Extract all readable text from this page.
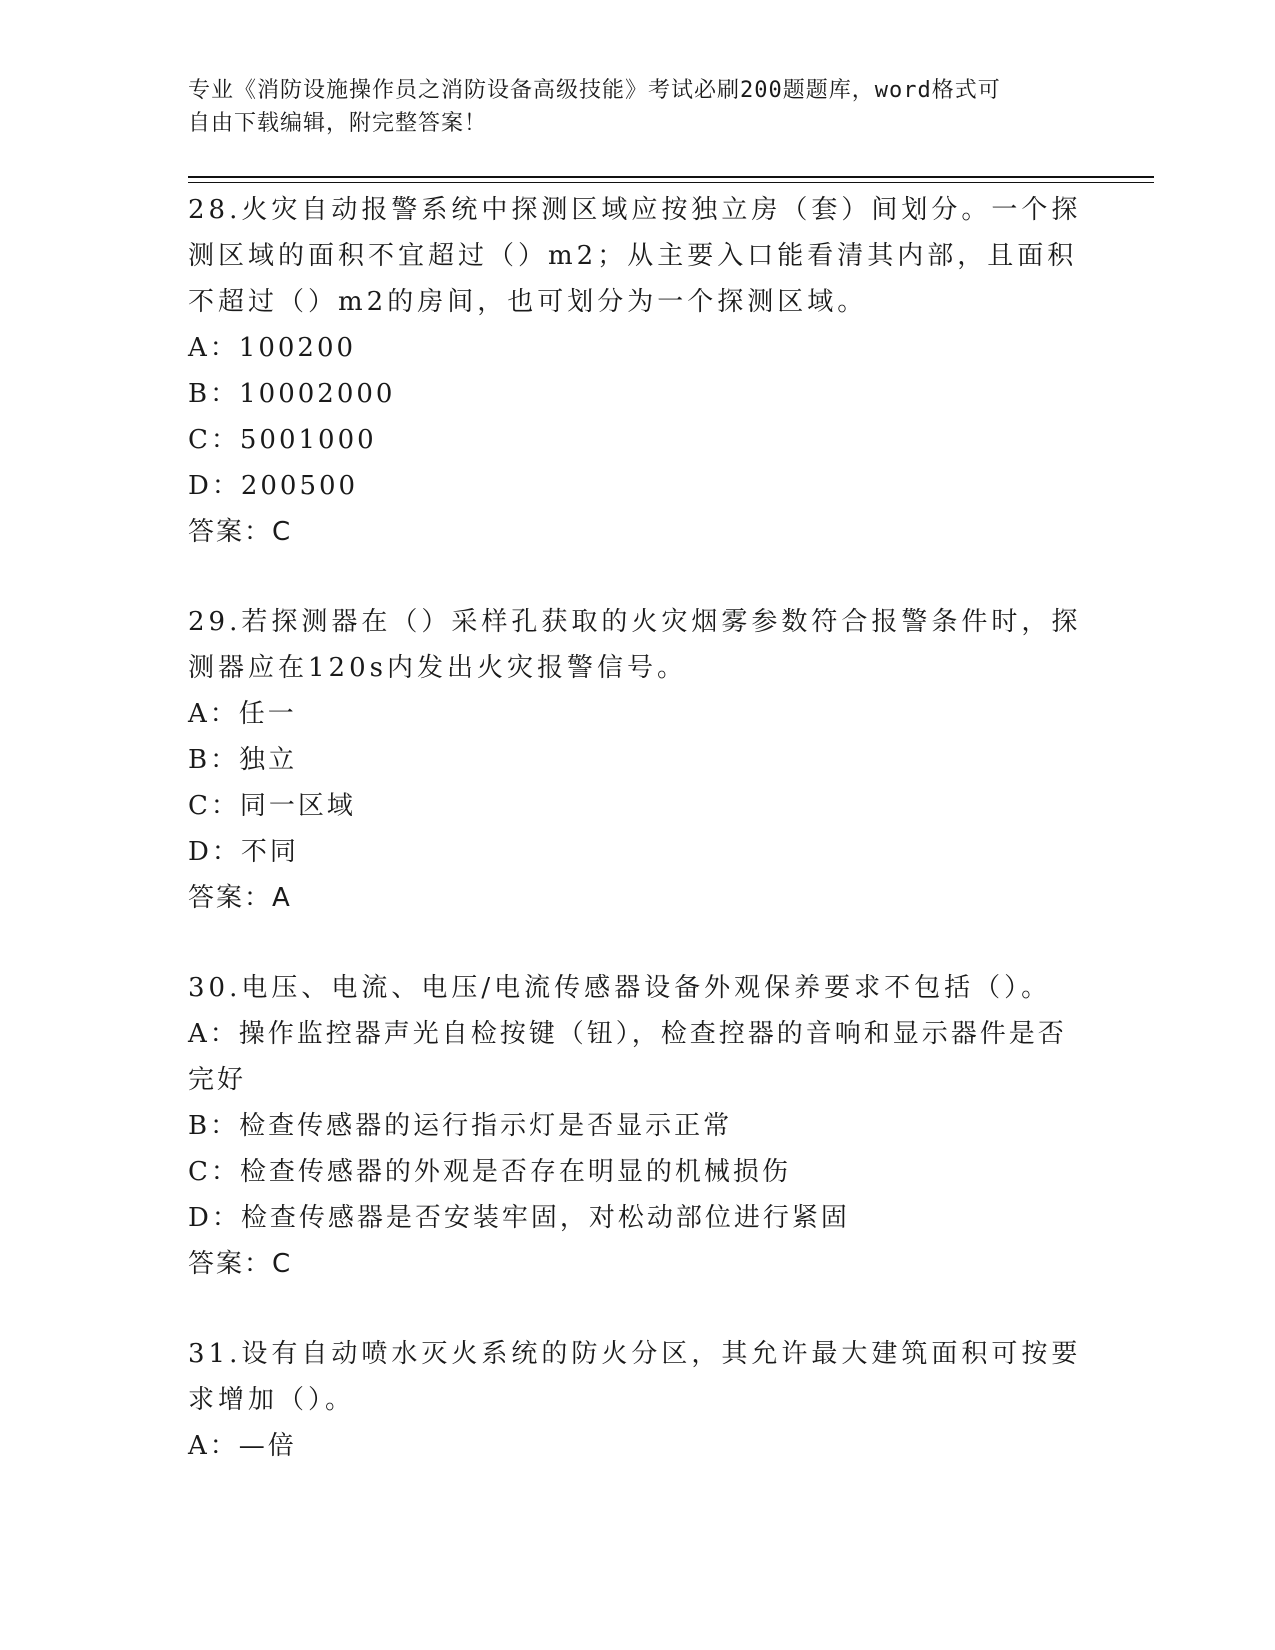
专业《消防设施操作员之消防设备高级技能》考试必刷200题题库，word格式可
自由下载编辑，附完整答案！

28.火灾自动报警系统中探测区域应按独立房（套）间划分。一个探测区域的面积不宜超过（）m2；从主要入口能看清其内部，且面积不超过（）m2的房间，也可划分为一个探测区域。

A：100200

B：10002000

C：5001000

D：200500

答案：C

29.若探测器在（）采样孔获取的火灾烟雾参数符合报警条件时，探测器应在120s内发出火灾报警信号。

A：任一

B：独立

C：同一区域

D：不同

答案：A

30.电压、电流、电压/电流传感器设备外观保养要求不包括（）。

A：操作监控器声光自检按键（钮），检查控器的音响和显示器件是否完好

B：检查传感器的运行指示灯是否显示正常

C：检查传感器的外观是否存在明显的机械损伤

D：检查传感器是否安装牢固，对松动部位进行紧固

答案：C

31.设有自动喷水灭火系统的防火分区，其允许最大建筑面积可按要求增加（）。

A：—倍
